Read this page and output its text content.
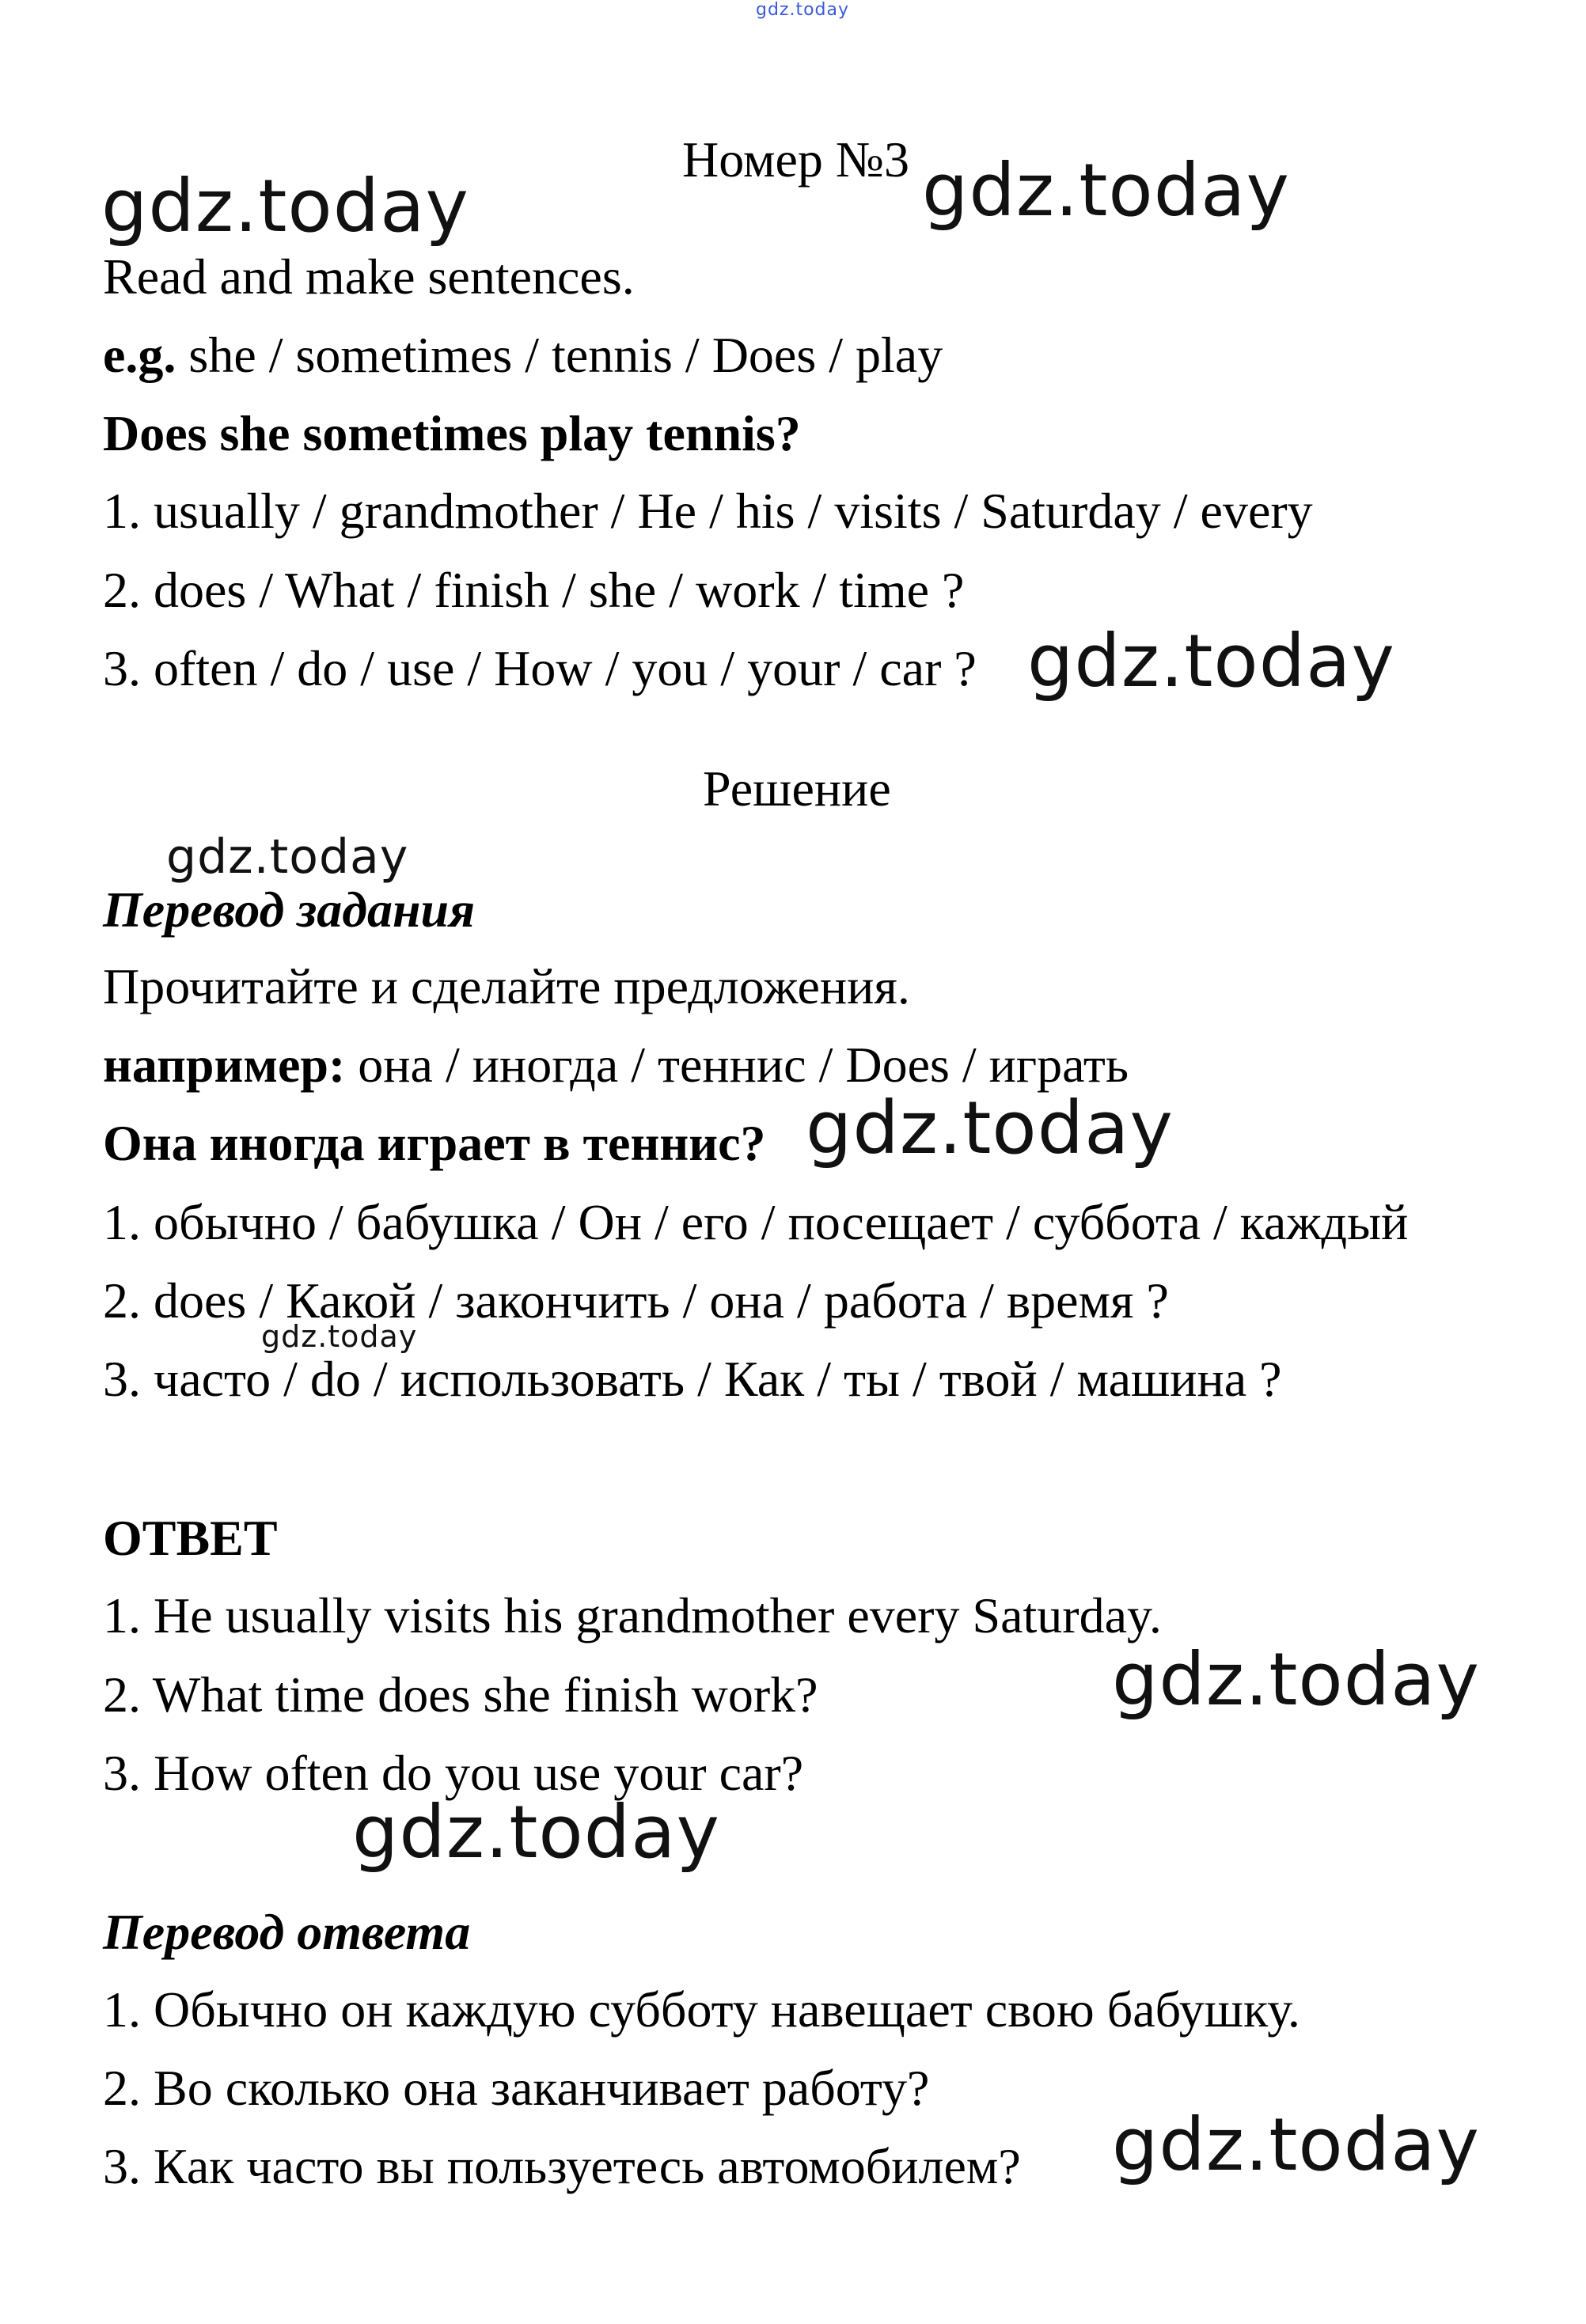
gdz.today
gdz.today	gdz.today
gdz.today
gdz.today
gdz.today
gdz.today
gdz.today
gdz.today
gdz.today
Номер №3
Read and make sentences.
e.g. she / sometimes / tennis / Does / play
Does she sometimes play tennis?
1. usually / grandmother / He / his / visits / Saturday / every
2. does / What / finish / she / work / time ?
3. often / do / use / How / you / your / car ?
Решение
Перевод задания
Прочитайте и сделайте предложения.
например: она / иногда / теннис / Does / играть
Она иногда играет в теннис?
1. обычно / бабушка / Он / его / посещает / суббота / каждый
2. does / Какой / закончить / она / работа / время ?
3. часто / do / использовать / Как / ты / твой / машина ?
ОТВЕТ
1. He usually visits his grandmother every Saturday.
2. What time does she finish work?
3. How often do you use your car?
Перевод ответа
1. Обычно он каждую субботу навещает свою бабушку.
2. Во сколько она заканчивает работу?
3. Как часто вы пользуетесь автомобилем?
